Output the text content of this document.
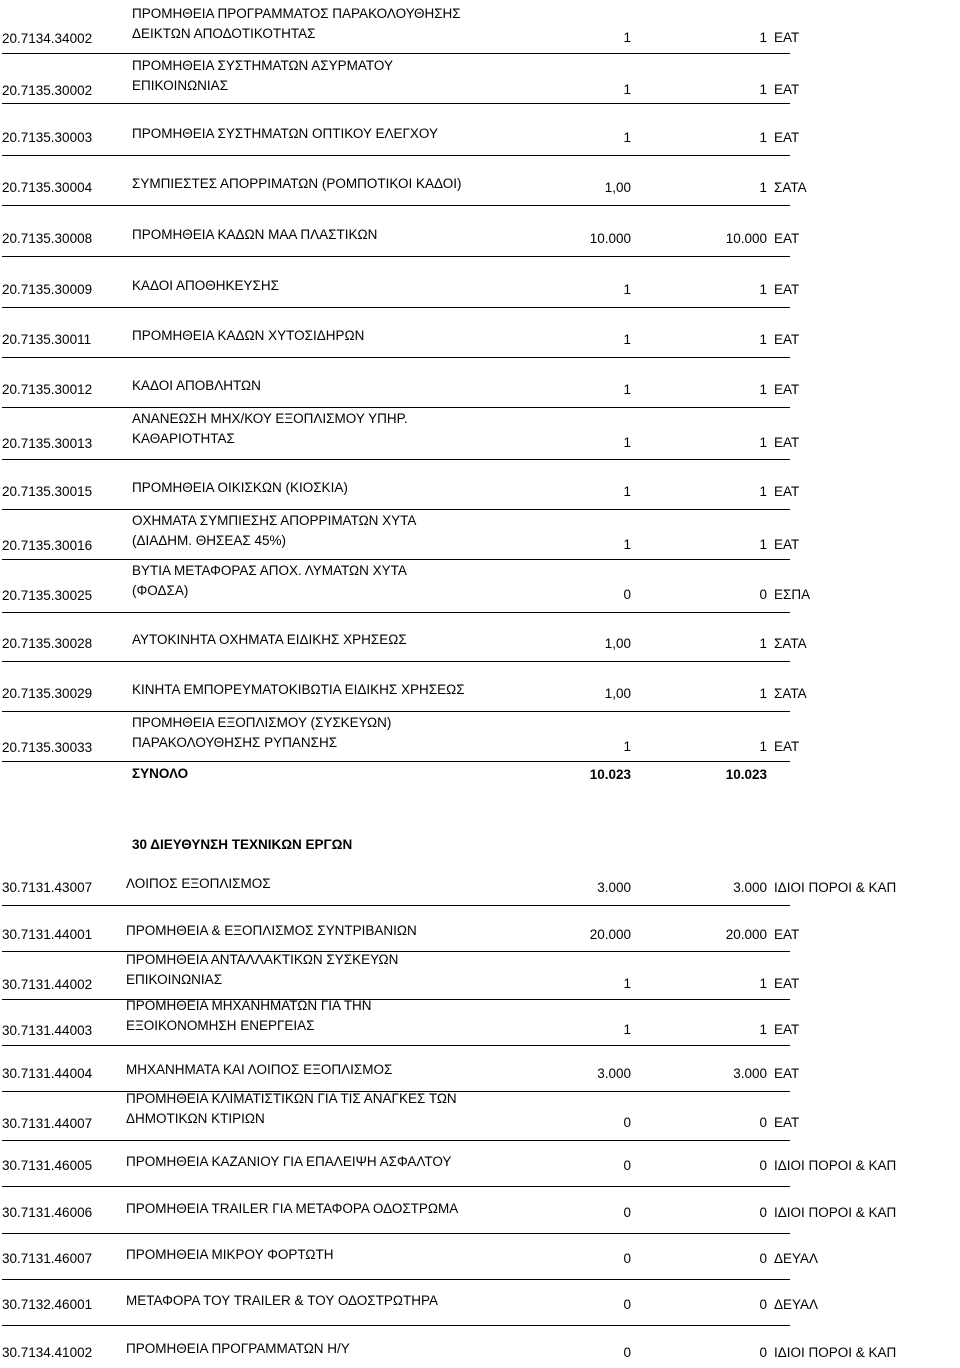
ΠΡΟΜΗΘΕΙΑ ΠΡΟΓΡΑΜΜΑΤΟΣ ΠΑΡΑΚΟΛΟΥΘΗΣΗΣ
ΔΕΙΚΤΩΝ ΑΠΟΔΟΤΙΚΟΤΗΤΑΣ
20.7134.34002	1	1 ΕΑΤ
ΠΡΟΜΗΘΕΙΑ ΣΥΣΤΗΜΑΤΩΝ ΑΣΥΡΜΑΤΟΥ
ΕΠΙΚΟΙΝΩΝΙΑΣ
20.7135.30002	1	1 ΕΑΤ
ΠΡΟΜΗΘΕΙΑ ΣΥΣΤΗΜΑΤΩΝ ΟΠΤΙΚΟΥ ΕΛΕΓΧΟΥ
20.7135.30003	1	1 ΕΑΤ
ΣΥΜΠΙΕΣΤΕΣ ΑΠΟΡΡΙΜΑΤΩΝ (ΡΟΜΠΟΤΙΚΟΙ ΚΑΔΟΙ)
20.7135.30004	1,00	1 ΣΑΤΑ
ΠΡΟΜΗΘΕΙΑ ΚΑΔΩΝ ΜΑΑ ΠΛΑΣΤΙΚΩΝ
20.7135.30008	10.000	10.000 ΕΑΤ
ΚΑΔΟΙ ΑΠΟΘΗΚΕΥΣΗΣ
20.7135.30009	1	1 ΕΑΤ
ΠΡΟΜΗΘΕΙΑ ΚΑΔΩΝ ΧΥΤΟΣΙΔΗΡΩΝ
20.7135.30011	1	1 ΕΑΤ
ΚΑΔΟΙ ΑΠΟΒΛΗΤΩΝ
20.7135.30012	1	1 ΕΑΤ
ΑΝΑΝΕΩΣΗ ΜΗΧ/ΚΟΥ ΕΞΟΠΛΙΣΜΟΥ ΥΠΗΡ.
ΚΑΘΑΡΙΟΤΗΤΑΣ
20.7135.30013	1	1 ΕΑΤ
ΠΡΟΜΗΘΕΙΑ ΟΙΚΙΣΚΩΝ (ΚΙΟΣΚΙΑ)
20.7135.30015	1	1 ΕΑΤ
ΟΧΗΜΑΤΑ ΣΥΜΠΙΕΣΗΣ ΑΠΟΡΡΙΜΑΤΩΝ ΧΥΤΑ
(ΔΙΑΔΗΜ. ΘΗΣΕΑΣ 45%)
20.7135.30016	1	1 ΕΑΤ
ΒΥΤΙΑ ΜΕΤΑΦΟΡΑΣ ΑΠΟΧ. ΛΥΜΑΤΩΝ ΧΥΤΑ
(ΦΟΔΣΑ)
20.7135.30025	0	0 ΕΣΠΑ
ΑΥΤΟΚΙΝΗΤΑ ΟΧΗΜΑΤΑ ΕΙΔΙΚΗΣ ΧΡΗΣΕΩΣ
20.7135.30028	1,00	1 ΣΑΤΑ
ΚΙΝΗΤΑ ΕΜΠΟΡΕΥΜΑΤΟΚΙΒΩΤΙΑ ΕΙΔΙΚΗΣ ΧΡΗΣΕΩΣ
20.7135.30029	1,00	1 ΣΑΤΑ
ΠΡΟΜΗΘΕΙΑ ΕΞΟΠΛΙΣΜΟΥ (ΣΥΣΚΕΥΩΝ)
ΠΑΡΑΚΟΛΟΥΘΗΣΗΣ ΡΥΠΑΝΣΗΣ
20.7135.30033	1	1 ΕΑΤ
ΣΥΝΟΛΟ	10.023	10.023
30 ΔΙΕΥΘΥΝΣΗ ΤΕΧΝΙΚΩΝ ΕΡΓΩΝ
ΛΟΙΠΟΣ ΕΞΟΠΛΙΣΜΟΣ
30.7131.43007	3.000	3.000 ΙΔΙΟΙ ΠΟΡΟΙ & ΚΑΠ
ΠΡΟΜΗΘΕΙΑ & ΕΞΟΠΛΙΣΜΟΣ ΣΥΝΤΡΙΒΑΝΙΩΝ
30.7131.44001	20.000	20.000 ΕΑΤ
ΠΡΟΜΗΘΕΙΑ ΑΝΤΑΛΛΑΚΤΙΚΩΝ ΣΥΣΚΕΥΩΝ
ΕΠΙΚΟΙΝΩΝΙΑΣ
30.7131.44002	1	1 ΕΑΤ
ΠΡΟΜΗΘΕΙΑ ΜΗΧΑΝΗΜΑΤΩΝ ΓΙΑ ΤΗΝ
ΕΞΟΙΚΟΝΟΜΗΣΗ ΕΝΕΡΓΕΙΑΣ
30.7131.44003	1	1 ΕΑΤ
ΜΗΧΑΝΗΜΑΤΑ ΚΑΙ ΛΟΙΠΟΣ ΕΞΟΠΛΙΣΜΟΣ
30.7131.44004	3.000	3.000 ΕΑΤ
ΠΡΟΜΗΘΕΙΑ ΚΛΙΜΑΤΙΣΤΙΚΩΝ ΓΙΑ ΤΙΣ ΑΝΑΓΚΕΣ ΤΩΝ
ΔΗΜΟΤΙΚΩΝ ΚΤΙΡΙΩΝ
30.7131.44007	0	0 ΕΑΤ
ΠΡΟΜΗΘΕΙΑ ΚΑΖΑΝΙΟΥ ΓΙΑ ΕΠΑΛΕΙΨΗ ΑΣΦΑΛΤΟΥ
30.7131.46005	0	0 ΙΔΙΟΙ ΠΟΡΟΙ & ΚΑΠ
ΠΡΟΜΗΘΕΙΑ TRAILER ΓΙΑ ΜΕΤΑΦΟΡΑ ΟΔΟΣΤΡΩΜΑ
30.7131.46006	0	0 ΙΔΙΟΙ ΠΟΡΟΙ & ΚΑΠ
ΠΡΟΜΗΘΕΙΑ ΜΙΚΡΟΥ ΦΟΡΤΩΤΗ
30.7131.46007	0	0 ΔΕΥΑΛ
ΜΕΤΑΦΟΡΑ ΤΟΥ TRAILER & ΤΟΥ ΟΔΟΣΤΡΩΤΗΡΑ
30.7132.46001	0	0 ΔΕΥΑΛ
ΠΡΟΜΗΘΕΙΑ ΠΡΟΓΡΑΜΜΑΤΩΝ Η/Υ
30.7134.41002	0	0 ΙΔΙΟΙ ΠΟΡΟΙ & ΚΑΠ
